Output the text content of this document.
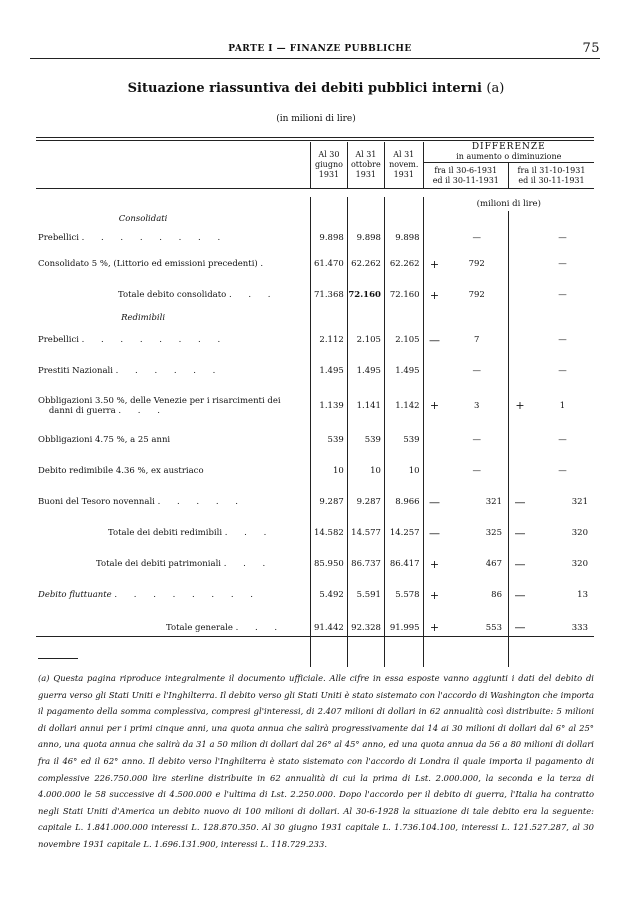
PARTE I — FINANZE PUBBLICHE	75
Situazione riassuntiva dei debiti pubblici interni (a)
(in milioni di lire)
	Al 30
giugno
1931	Al 31
ottobre
1931	Al 31
novem.
1931	DIFFERENZE
in aumento o diminuzione			
				fra il 30-6-1931
ed il 30-11-1931		fra il 31-10-1931
ed il 30-11-1931	

				(milioni di lire)			
Consolidati							
Prebellici . . . . . . . .	9.898	9.898	9.898		—		—
Consolidato 5 %, (Littorio ed emissioni precedenti) .	61.470	62.262	62.262	+	792		—
Totale debito consolidato . . .	71.368	72.160	72.160	+	792		—
Redimibili							
Prebellici . . . . . . . .	2.112	2.105	2.105	—	7		—
Prestiti Nazionali . . . . . .	1.495	1.495	1.495		—		—
Obbligazioni 3.50 %, delle Venezie per i risarcimenti dei
danni di guerra . . .	1.139	1.141	1.142	+	3	+	1
Obbligazioni 4.75 %, a 25 anni	539	539	539		—		—
Debito redimibile 4.36 %, ex austriaco	10	10	10		—		—
Buoni del Tesoro novennali . . . . .	9.287	9.287	8.966	—	321	—	321
Totale dei debiti redimibili . . .	14.582	14.577	14.257	—	325	—	320
Totale dei debiti patrimoniali . . .	85.950	86.737	86.417	+	467	—	320
Debito fluttuante . . . . . . . .	5.492	5.591	5.578	+	86	—	13
Totale generale . . .	91.442	92.328	91.995	+	553	—	333

(a) Questa pagina riproduce integralmente il documento ufficiale. Alle cifre in essa esposte vanno aggiunti i dati del debito di guerra verso gli Stati Uniti e l'Inghilterra. Il debito verso gli Stati Uniti è stato sistemato con l'accordo di Washington che importa il pagamento della somma complessiva, compresi gl'interessi, di 2.407 milioni di dollari in 62 annualità così distribuite: 5 milioni di dollari annui per i primi cinque anni, una quota annua che salirà progressivamente dai 14 ai 30 milioni di dollari dal 6° al 25° anno, una quota annua che salirà da 31 a 50 milion di dollari dal 26° al 45° anno, ed una quota annua da 56 a 80 milioni di dollari fra il 46° ed il 62° anno. Il debito verso l'Inghilterra è stato sistemato con l'accordo di Londra il quale importa il pagamento di complessive 226.750.000 lire sterline distribuite in 62 annualità di cui la prima di Lst. 2.000.000, la seconda e la terza di 4.000.000 le 58 successive di 4.500.000 e l'ultima di Lst. 2.250.000. Dopo l'accordo per il debito di guerra, l'Italia ha contratto negli Stati Uniti d'America un debito nuovo di 100 milioni di dollari. Al 30-6-1928 la situazione di tale debito era la seguente: capitale L. 1.841.000.000 interessi L. 128.870.350. Al 30 giugno 1931 capitale L. 1.736.104.100, interessi L. 121.527.287, al 30 novembre 1931 capitale L. 1.696.131.900, interessi L. 118.729.233.
